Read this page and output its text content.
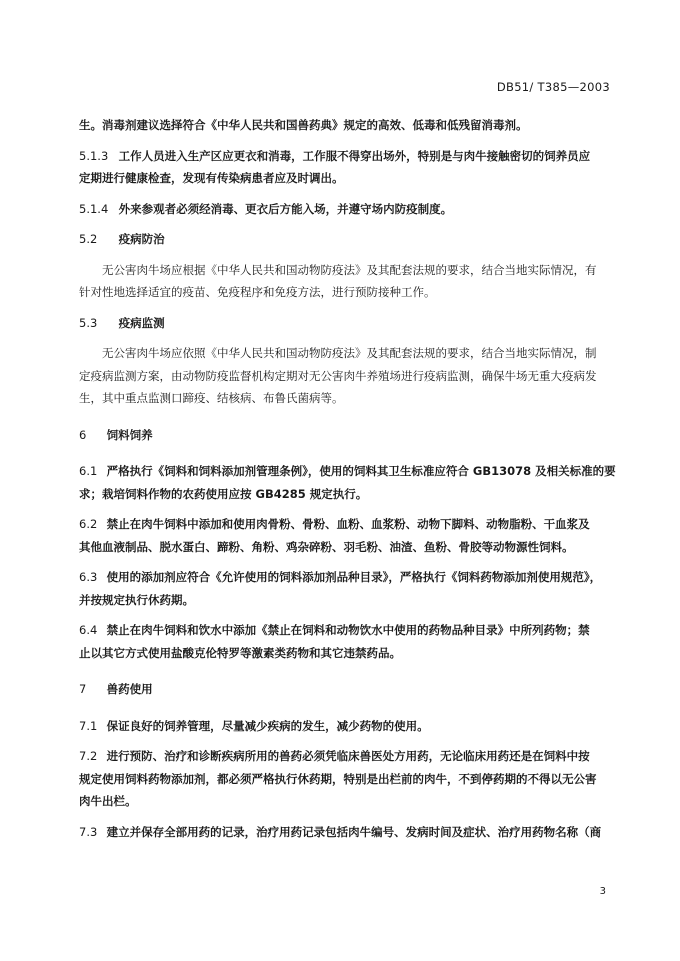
DB51/ T385—2003
生。消毒剂建议选择符合《中华人民共和国兽药典》规定的高效、低毒和低残留消毒剂。
5.1.3 工作人员进入生产区应更衣和消毒，工作服不得穿出场外，特别是与肉牛接触密切的饲养员应
定期进行健康检查，发现有传染病患者应及时调出。
5.1.4 外来参观者必须经消毒、更衣后方能入场，并遵守场内防疫制度。
5.2 疫病防治
无公害肉牛场应根据《中华人民共和国动物防疫法》及其配套法规的要求，结合当地实际情况，有
针对性地选择适宜的疫苗、免疫程序和免疫方法，进行预防接种工作。
5.3 疫病监测
无公害肉牛场应依照《中华人民共和国动物防疫法》及其配套法规的要求，结合当地实际情况，制
定疫病监测方案，由动物防疫监督机构定期对无公害肉牛养殖场进行疫病监测，确保牛场无重大疫病发
生，其中重点监测口蹄疫、结核病、布鲁氏菌病等。
6 饲料饲养
6.1 严格执行《饲料和饲料添加剂管理条例》，使用的饲料其卫生标准应符合 GB13078 及相关标准的要
求；栽培饲料作物的农药使用应按 GB4285 规定执行。
6.2 禁止在肉牛饲料中添加和使用肉骨粉、骨粉、血粉、血浆粉、动物下脚料、动物脂粉、干血浆及
其他血液制品、脱水蛋白、蹄粉、角粉、鸡杂碎粉、羽毛粉、油渣、鱼粉、骨胶等动物源性饲料。
6.3 使用的添加剂应符合《允许使用的饲料添加剂品种目录》，严格执行《饲料药物添加剂使用规范》，
并按规定执行休药期。
6.4 禁止在肉牛饲料和饮水中添加《禁止在饲料和动物饮水中使用的药物品种目录》中所列药物；禁
止以其它方式使用盐酸克伦特罗等激素类药物和其它违禁药品。
7 兽药使用
7.1 保证良好的饲养管理，尽量减少疾病的发生，减少药物的使用。
7.2 进行预防、治疗和诊断疾病所用的兽药必须凭临床兽医处方用药，无论临床用药还是在饲料中按
规定使用饲料药物添加剂，都必须严格执行休药期，特别是出栏前的肉牛，不到停药期的不得以无公害
肉牛出栏。
7.3 建立并保存全部用药的记录，治疗用药记录包括肉牛编号、发病时间及症状、治疗用药物名称（商
3
